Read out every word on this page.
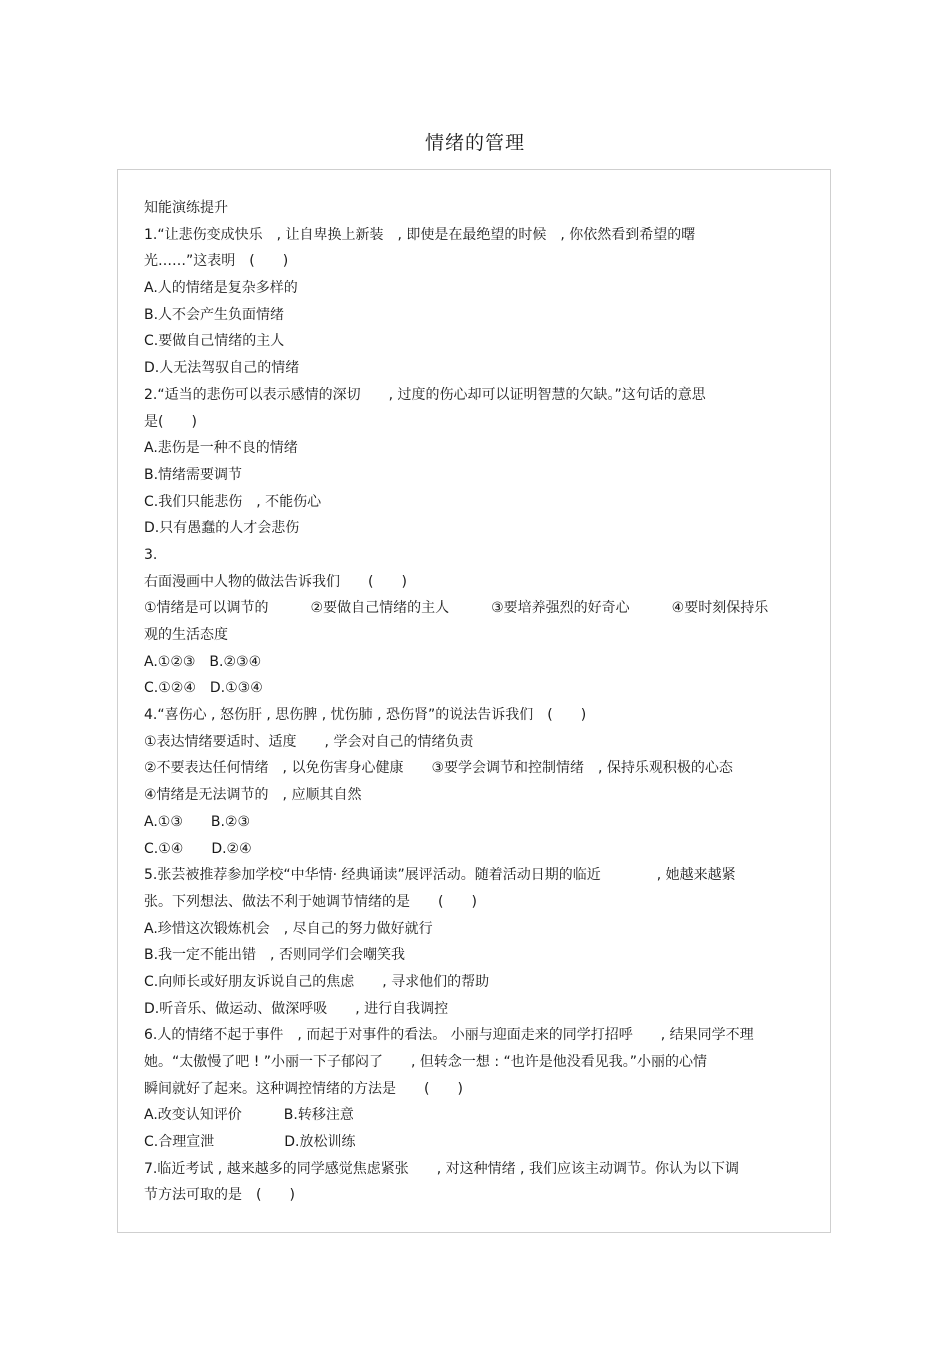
情绪的管理
知能演练提升
1.“让悲伤变成快乐　, 让自卑换上新装　, 即使是在最绝望的时候　, 你依然看到希望的曙
光……”这表明　(　　)
A.人的情绪是复杂多样的
B.人不会产生负面情绪
C.要做自己情绪的主人
D.人无法驾驭自己的情绪
2.“适当的悲伤可以表示感情的深切　　, 过度的伤心却可以证明智慧的欠缺。”这句话的意思
是(　　)
A.悲伤是一种不良的情绪
B.情绪需要调节
C.我们只能悲伤　, 不能伤心
D.只有愚蠢的人才会悲伤
3.
右面漫画中人物的做法告诉我们　　(　　)
①情绪是可以调节的　　　②要做自己情绪的主人　　　③要培养强烈的好奇心　　　④要时刻保持乐
观的生活态度
A.①②③　B.②③④
C.①②④　D.①③④
4.“喜伤心 , 怒伤肝 , 思伤脾 , 忧伤肺 , 恐伤肾”的说法告诉我们　(　　)
①表达情绪要适时、适度　　, 学会对自己的情绪负责
②不要表达任何情绪　, 以免伤害身心健康　　③要学会调节和控制情绪　, 保持乐观积极的心态
④情绪是无法调节的　, 应顺其自然
A.①③　　B.②③
C.①④　　D.②④
5.张芸被推荐参加学校“中华情· 经典诵读”展评活动。随着活动日期的临近　　　　, 她越来越紧
张。下列想法、做法不利于她调节情绪的是　　(　　)
A.珍惜这次锻炼机会　, 尽自己的努力做好就行
B.我一定不能出错　, 否则同学们会嘲笑我
C.向师长或好朋友诉说自己的焦虑　　, 寻求他们的帮助
D.听音乐、做运动、做深呼吸　　, 进行自我调控
6.人的情绪不起于事件　, 而起于对事件的看法。 小丽与迎面走来的同学打招呼　　, 结果同学不理
她。“太傲慢了吧 ! ”小丽一下子郁闷了　　, 但转念一想 : “也许是他没看见我。”小丽的心情
瞬间就好了起来。这种调控情绪的方法是　　(　　)
A.改变认知评价　　　B.转移注意
C.合理宣泄　　　　　D.放松训练
7.临近考试 , 越来越多的同学感觉焦虑紧张　　, 对这种情绪 , 我们应该主动调节。你认为以下调
节方法可取的是　(　　)
